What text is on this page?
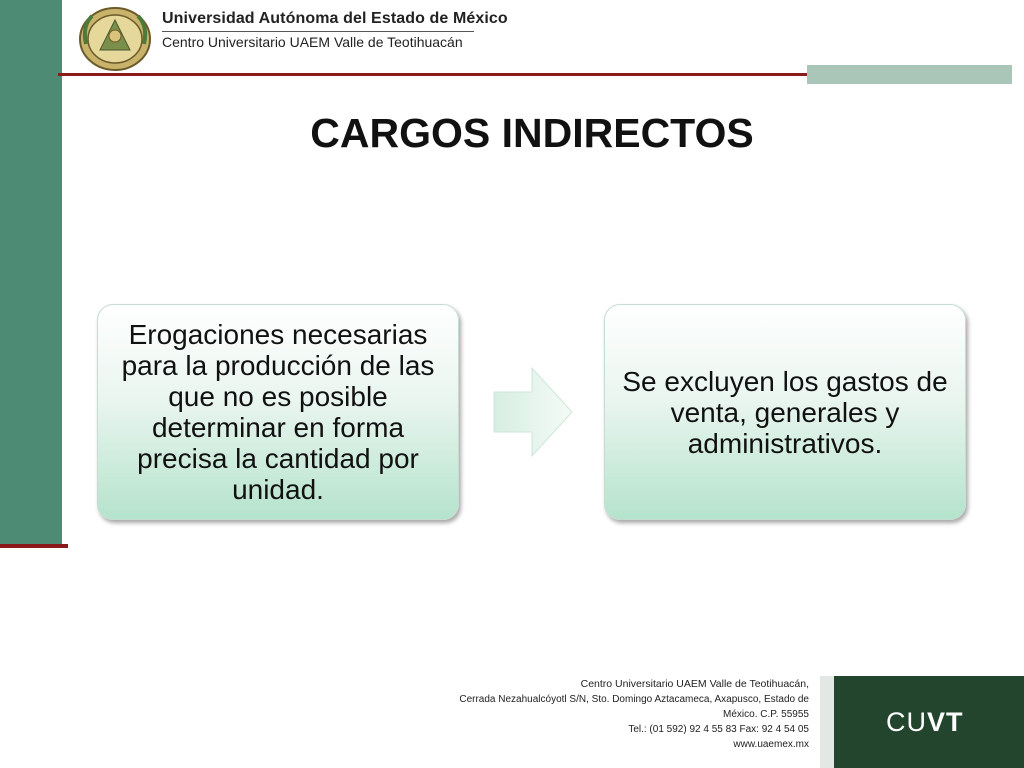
Universidad Autónoma del Estado de México
Centro Universitario UAEM Valle de Teotihuacán
CARGOS INDIRECTOS
Erogaciones necesarias para la producción de las que no es posible determinar en forma precisa la cantidad por unidad.
Se excluyen los gastos de venta, generales y administrativos.
Centro Universitario UAEM Valle de Teotihuacán,
Cerrada Nezahualcóyotl S/N, Sto. Domingo Aztacameca, Axapusco, Estado de
México. C.P. 55955
Tel.: (01 592) 92 4 55 83 Fax: 92 4 54 05
www.uaemex.mx
CUVT
